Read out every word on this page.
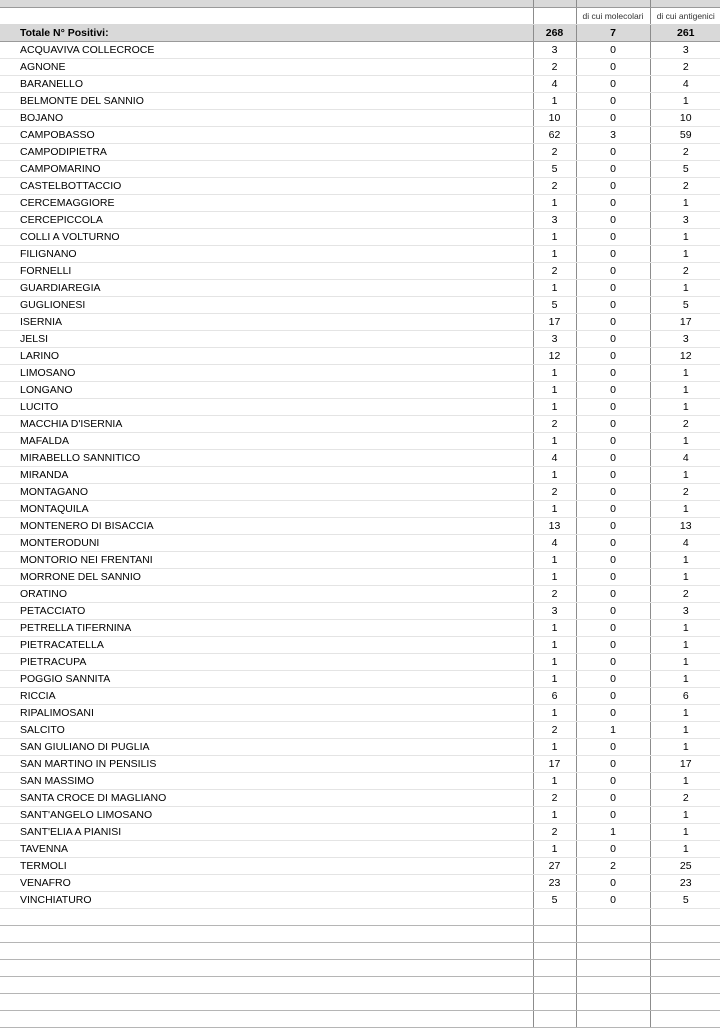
		di cui molecolari	di cui antigenici
Totale N° Positivi:	268	7	261
ACQUAVIVA COLLECROCE	3	0	3
AGNONE	2	0	2
BARANELLO	4	0	4
BELMONTE DEL SANNIO	1	0	1
BOJANO	10	0	10
CAMPOBASSO	62	3	59
CAMPODIPIETRA	2	0	2
CAMPOMARINO	5	0	5
CASTELBOTTACCIO	2	0	2
CERCEMAGGIORE	1	0	1
CERCEPICCOLA	3	0	3
COLLI A VOLTURNO	1	0	1
FILIGNANO	1	0	1
FORNELLI	2	0	2
GUARDIAREGIA	1	0	1
GUGLIONESI	5	0	5
ISERNIA	17	0	17
JELSI	3	0	3
LARINO	12	0	12
LIMOSANO	1	0	1
LONGANO	1	0	1
LUCITO	1	0	1
MACCHIA D'ISERNIA	2	0	2
MAFALDA	1	0	1
MIRABELLO SANNITICO	4	0	4
MIRANDA	1	0	1
MONTAGANO	2	0	2
MONTAQUILA	1	0	1
MONTENERO DI BISACCIA	13	0	13
MONTERODUNI	4	0	4
MONTORIO NEI FRENTANI	1	0	1
MORRONE DEL SANNIO	1	0	1
ORATINO	2	0	2
PETACCIATO	3	0	3
PETRELLA TIFERNINA	1	0	1
PIETRACATELLA	1	0	1
PIETRACUPA	1	0	1
POGGIO SANNITA	1	0	1
RICCIA	6	0	6
RIPALIMOSANI	1	0	1
SALCITO	2	1	1
SAN GIULIANO DI PUGLIA	1	0	1
SAN MARTINO IN PENSILIS	17	0	17
SAN MASSIMO	1	0	1
SANTA CROCE DI MAGLIANO	2	0	2
SANT'ANGELO LIMOSANO	1	0	1
SANT'ELIA A PIANISI	2	1	1
TAVENNA	1	0	1
TERMOLI	27	2	25
VENAFRO	23	0	23
VINCHIATURO	5	0	5
